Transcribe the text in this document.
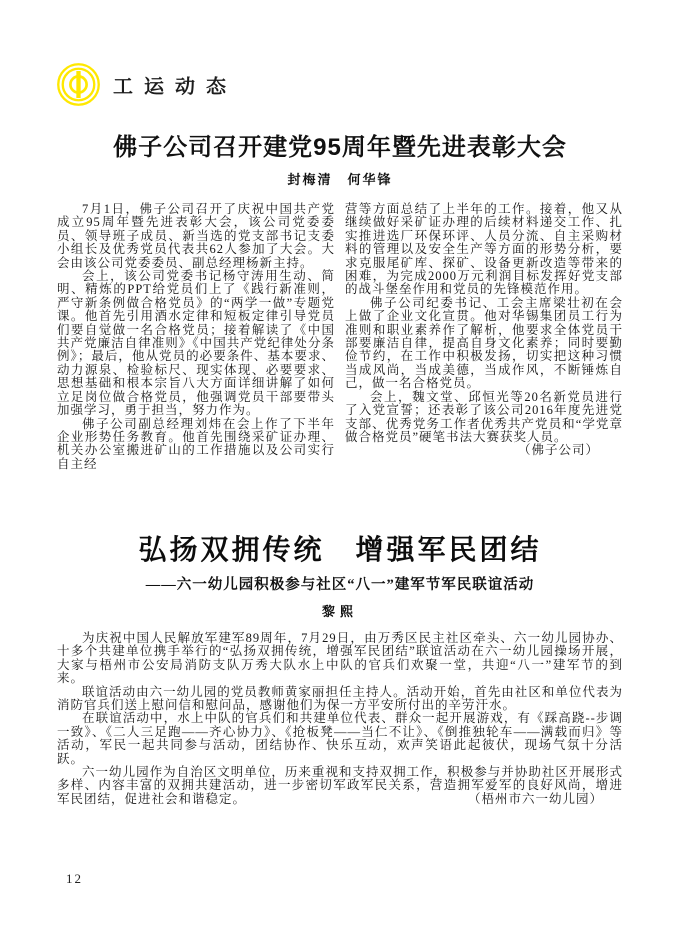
工运动态
佛子公司召开建党95周年暨先进表彰大会
封梅清　何华锋

7月1日，佛子公司召开了庆祝中国共产党成立95周年暨先进表彰大会，该公司党委委员、领导班子成员、新当选的党支部书记支委小组长及优秀党员代表共62人参加了大会。大会由该公司党委委员、副总经理杨新主持。

会上，该公司党委书记杨守涛用生动、简明、精炼的PPT给党员们上了《践行新准则，严守新条例做合格党员》的“两学一做”专题党课。他首先引用酒水定律和短板定律引导党员们要自觉做一名合格党员；接着解读了《中国共产党廉洁自律准则》《中国共产党纪律处分条例》；最后，他从党员的必要条件、基本要求、动力源泉、检验标尺、现实体现、必要要求、思想基础和根本宗旨八大方面详细讲解了如何立足岗位做合格党员，他强调党员干部要带头加强学习，勇于担当，努力作为。

佛子公司副总经理刘炜在会上作了下半年企业形势任务教育。他首先围绕采矿证办理、机关办公室搬进矿山的工作措施以及公司实行自主经

营等方面总结了上半年的工作。接着，他又从继续做好采矿证办理的后续材料递交工作、扎实推进选厂环保环评、人员分流、自主采购材料的管理以及安全生产等方面的形势分析，要求克服尾矿库、探矿、设备更新改造等带来的困难，为完成2000万元利润目标发挥好党支部的战斗堡垒作用和党员的先锋模范作用。

佛子公司纪委书记、工会主席梁壮初在会上做了企业文化宣贯。他对华锡集团员工行为准则和职业素养作了解析，他要求全体党员干部要廉洁自律，提高自身文化素养；同时要勤俭节约，在工作中积极发扬，切实把这种习惯当成风尚，当成美德，当成作风，不断锤炼自己，做一名合格党员。

会上，魏文堂、邱恒光等20名新党员进行了入党宣誓；还表彰了该公司2016年度先进党支部、优秀党务工作者优秀共产党员和“学党章做合格党员”硬笔书法大赛获奖人员。

（佛子公司）

弘扬双拥传统　增强军民团结
——六一幼儿园积极参与社区“八一”建军节军民联谊活动
黎熙

为庆祝中国人民解放军建军89周年，7月29日，由万秀区民主社区牵头、六一幼儿园协办、十多个共建单位携手举行的“弘扬双拥传统，增强军民团结”联谊活动在六一幼儿园操场开展，大家与梧州市公安局消防支队万秀大队水上中队的官兵们欢聚一堂，共迎“八一”建军节的到来。

联谊活动由六一幼儿园的党员教师黄家丽担任主持人。活动开始，首先由社区和单位代表为消防官兵们送上慰问信和慰问品，感谢他们为保一方平安所付出的辛劳汗水。

在联谊活动中，水上中队的官兵们和共建单位代表、群众一起开展游戏，有《踩高跷--步调一致》、《二人三足跑——齐心协力》、《抢板凳——当仁不让》、《倒推独轮车——满载而归》等活动，军民一起共同参与活动，团结协作、快乐互动，欢声笑语此起彼伏，现场气氛十分活跃。

六一幼儿园作为自治区文明单位，历来重视和支持双拥工作，积极参与并协助社区开展形式多样、内容丰富的双拥共建活动，进一步密切军政军民关系，营造拥军爱军的良好风尚，增进军民团结，促进社会和谐稳定。	（梧州市六一幼儿园）

12
